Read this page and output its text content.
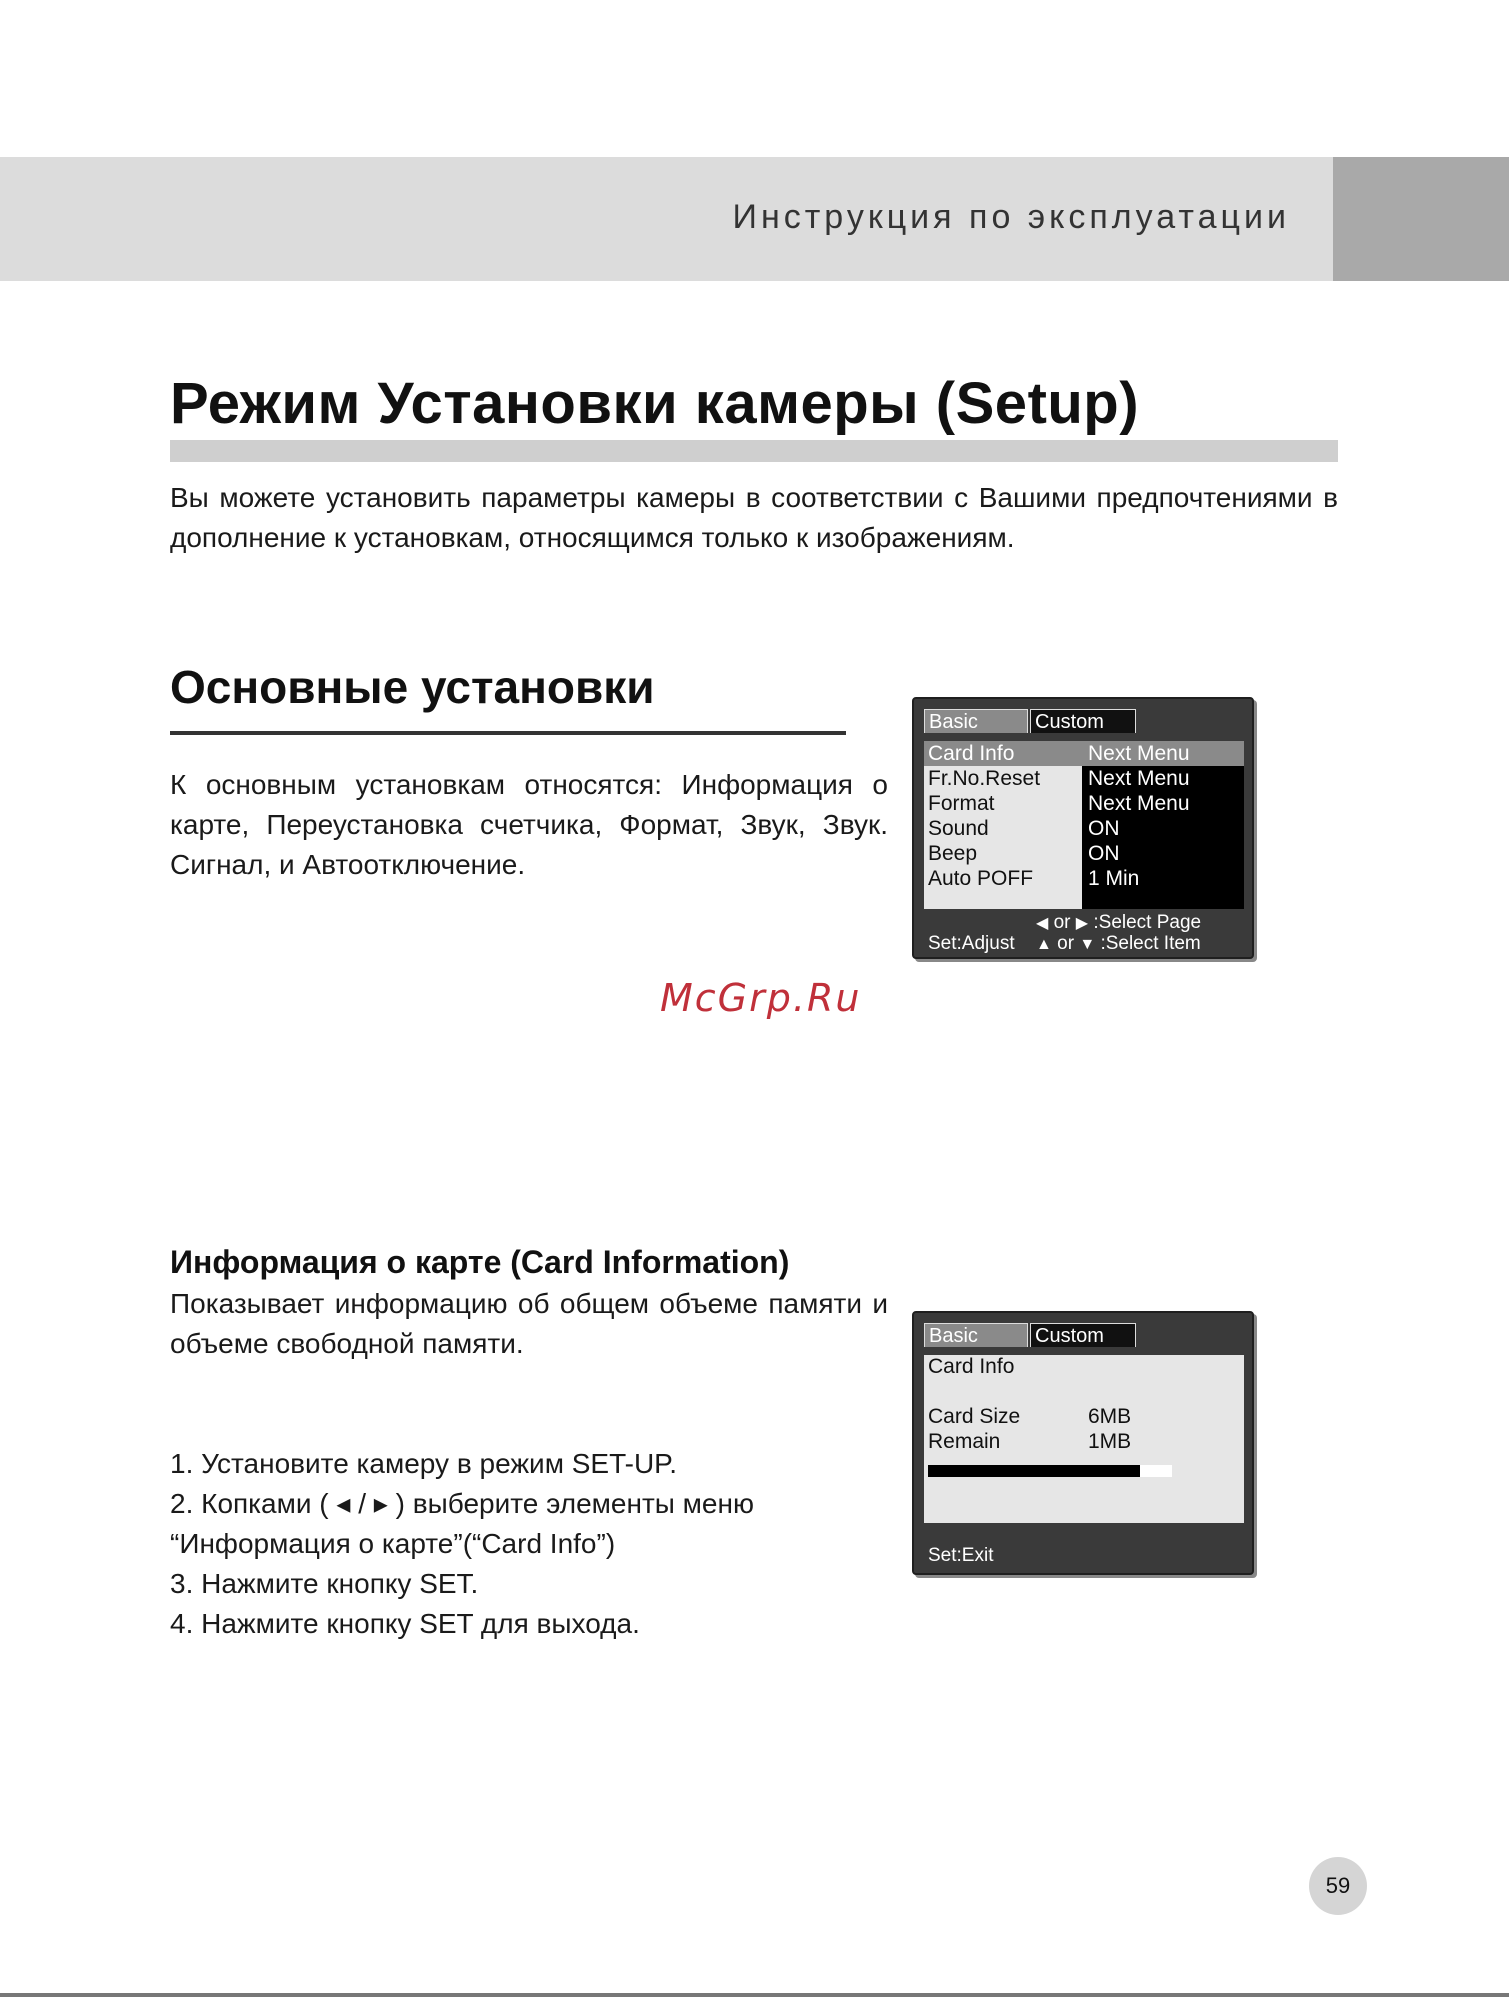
Инструкция по эксплуатации
Режим Установки камеры (Setup)

Вы можете установить параметры камеры в соответствии с Вашими предпочтениями в дополнение к установкам, относящимся только к изображениям.

Основные установки

К основным установкам относятся: Информация о карте, Переустановка счетчика, Формат, Звук, Звук. Сигнал, и Автоотключение.

Basic	Custom
Card Info	Next Menu
Fr.No.Reset Next Menu
Format	Next Menu
Sound	ON
Beep	ON
Auto POFF	1 Min
◀ or ▶ :Select Page
Set:Adjust ▲ or ▼ :Select Item
McGrp.Ru
Информация о карте (Card Information)

Показывает информацию об общем объеме памяти и объеме свободной памяти.

1. Установите камеру в режим SET-UP.

2. Копками ( ◂ / ▸ ) выберите элементы меню “Информация о карте”(“Card Info”)

3. Нажмите кнопку SET.

4. Нажмите кнопку SET для выхода.

Basic	Custom
Card Info
Card Size	6MB
Remain	1MB
Set:Exit
59
